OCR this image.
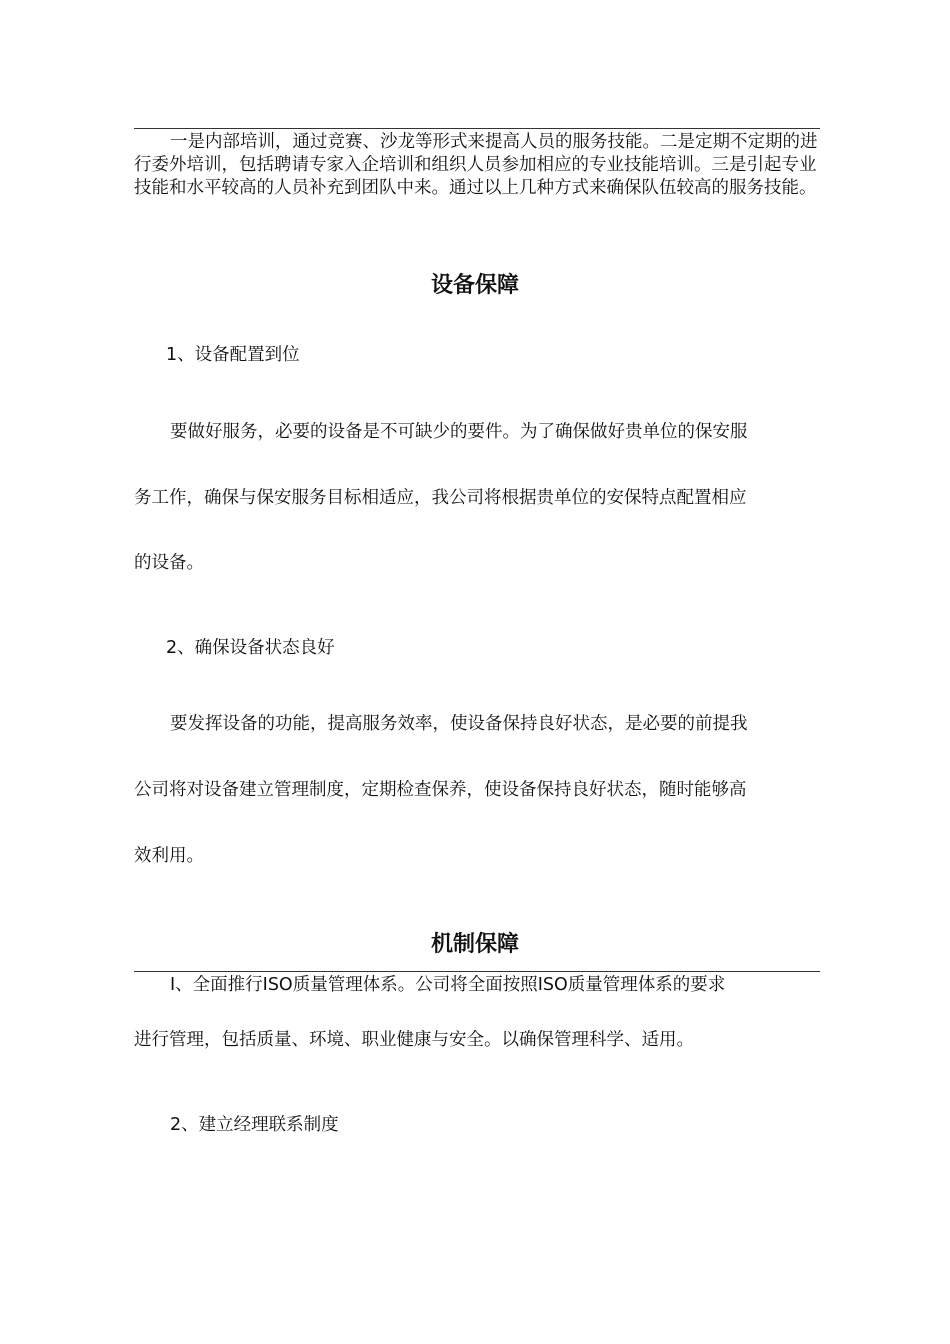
一是内部培训，通过竞赛、沙龙等形式来提高人员的服务技能。二是定期不定期的进行委外培训，包括聘请专家入企培训和组织人员参加相应的专业技能培训。三是引起专业技能和水平较高的人员补充到团队中来。通过以上几种方式来确保队伍较高的服务技能。

设备保障

1、设备配置到位

要做好服务，必要的设备是不可缺少的要件。为了确保做好贵单位的保安服

务工作，确保与保安服务目标相适应，我公司将根据贵单位的安保特点配置相应

的设备。

2、确保设备状态良好

要发挥设备的功能，提高服务效率，使设备保持良好状态，是必要的前提我

公司将对设备建立管理制度，定期检查保养，使设备保持良好状态，随时能够高

效利用。

机制保障

I、全面推行ISO质量管理体系。公司将全面按照ISO质量管理体系的要求

进行管理，包括质量、环境、职业健康与安全。以确保管理科学、适用。

2、建立经理联系制度
